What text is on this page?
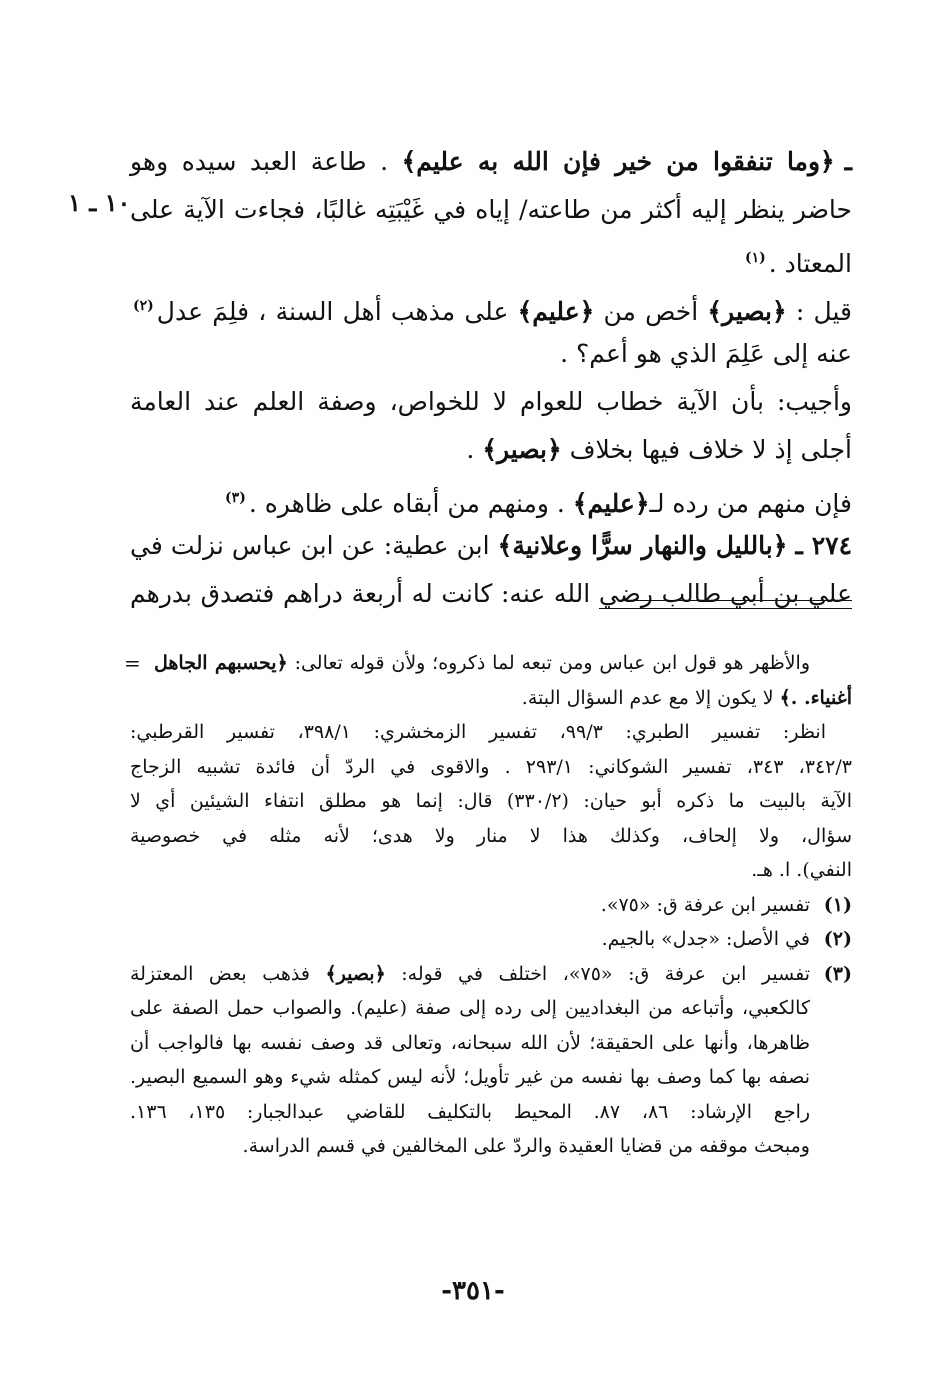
١٠ ـ ١
ـ﴿وما تنفقوا من خير فإن الله به عليم﴾ . طاعة العبد سيده وهو
حاضر ينظر إليه أكثر من طاعته/ إياه في غَيْبَتِه غالبًا، فجاءت الآية على
المعتاد .$^{(١)}$
قيل : ﴿بصير﴾ أخص من ﴿عليم﴾ على مذهب أهل السنة ، فلِمَ عدل$^{(٢)}$
عنه إلى عَلِمَ الذي هو أعم؟ .
وأجيب: بأن الآية خطاب للعوام لا للخواص، وصفة العلم عند العامة
أجلى إذ لا خلاف فيها بخلاف ﴿بصير﴾ .
فإن منهم من رده لـ﴿عليم﴾ . ومنهم من أبقاه على ظاهره .$^{(٣)}$
٢٧٤ ـ ﴿بالليل والنهار سرًّا وعلانية﴾ ابن عطية: عن ابن عباس نزلت في
علي بن أبي طالب رضي الله عنه: كانت له أربعة دراهم فتصدق بدرهم
=	والأظهر هو قول ابن عباس ومن تبعه لما ذكروه؛ ولأن قوله تعالى: ﴿يحسبهم الجاهل
أغنياء. .﴾ لا يكون إلا مع عدم السؤال البتة.
انظر: تفسير الطبري: ٩٩/٣، تفسير الزمخشري: ٣٩٨/١، تفسير القرطبي:
٣٤٢/٣، ٣٤٣، تفسير الشوكاني: ٢٩٣/١ . والاقوى في الردّ أن فائدة تشبيه الزجاج
الآية بالبيت ما ذكره أبو حيان: (٣٣٠/٢) قال: إنما هو مطلق انتفاء الشيئين أي لا
سؤال، ولا إلحاف، وكذلك هذا لا منار ولا هدى؛ لأنه مثله في خصوصية
النفي). ا. هـ.
(١)
تفسير ابن عرفة ق: «٧٥».
(٢)
في الأصل: «جدل» بالجيم.
(٣)
تفسير ابن عرفة ق: «٧٥»، اختلف في قوله: ﴿بصير﴾ فذهب بعض المعتزلة
كالكعبي، وأتباعه من البغداديين إلى رده إلى صفة (عليم). والصواب حمل الصفة على
ظاهرها، وأنها على الحقيقة؛ لأن الله سبحانه، وتعالى قد وصف نفسه بها فالواجب أن
نصفه بها كما وصف بها نفسه من غير تأويل؛ لأنه ليس كمثله شيء وهو السميع البصير.
راجع الإرشاد: ٨٦، ٨٧. المحيط بالتكليف للقاضي عبدالجبار: ١٣٥، ١٣٦.
ومبحث موقفه من قضايا العقيدة والردّ على المخالفين في قسم الدراسة.
-٣٥١-
